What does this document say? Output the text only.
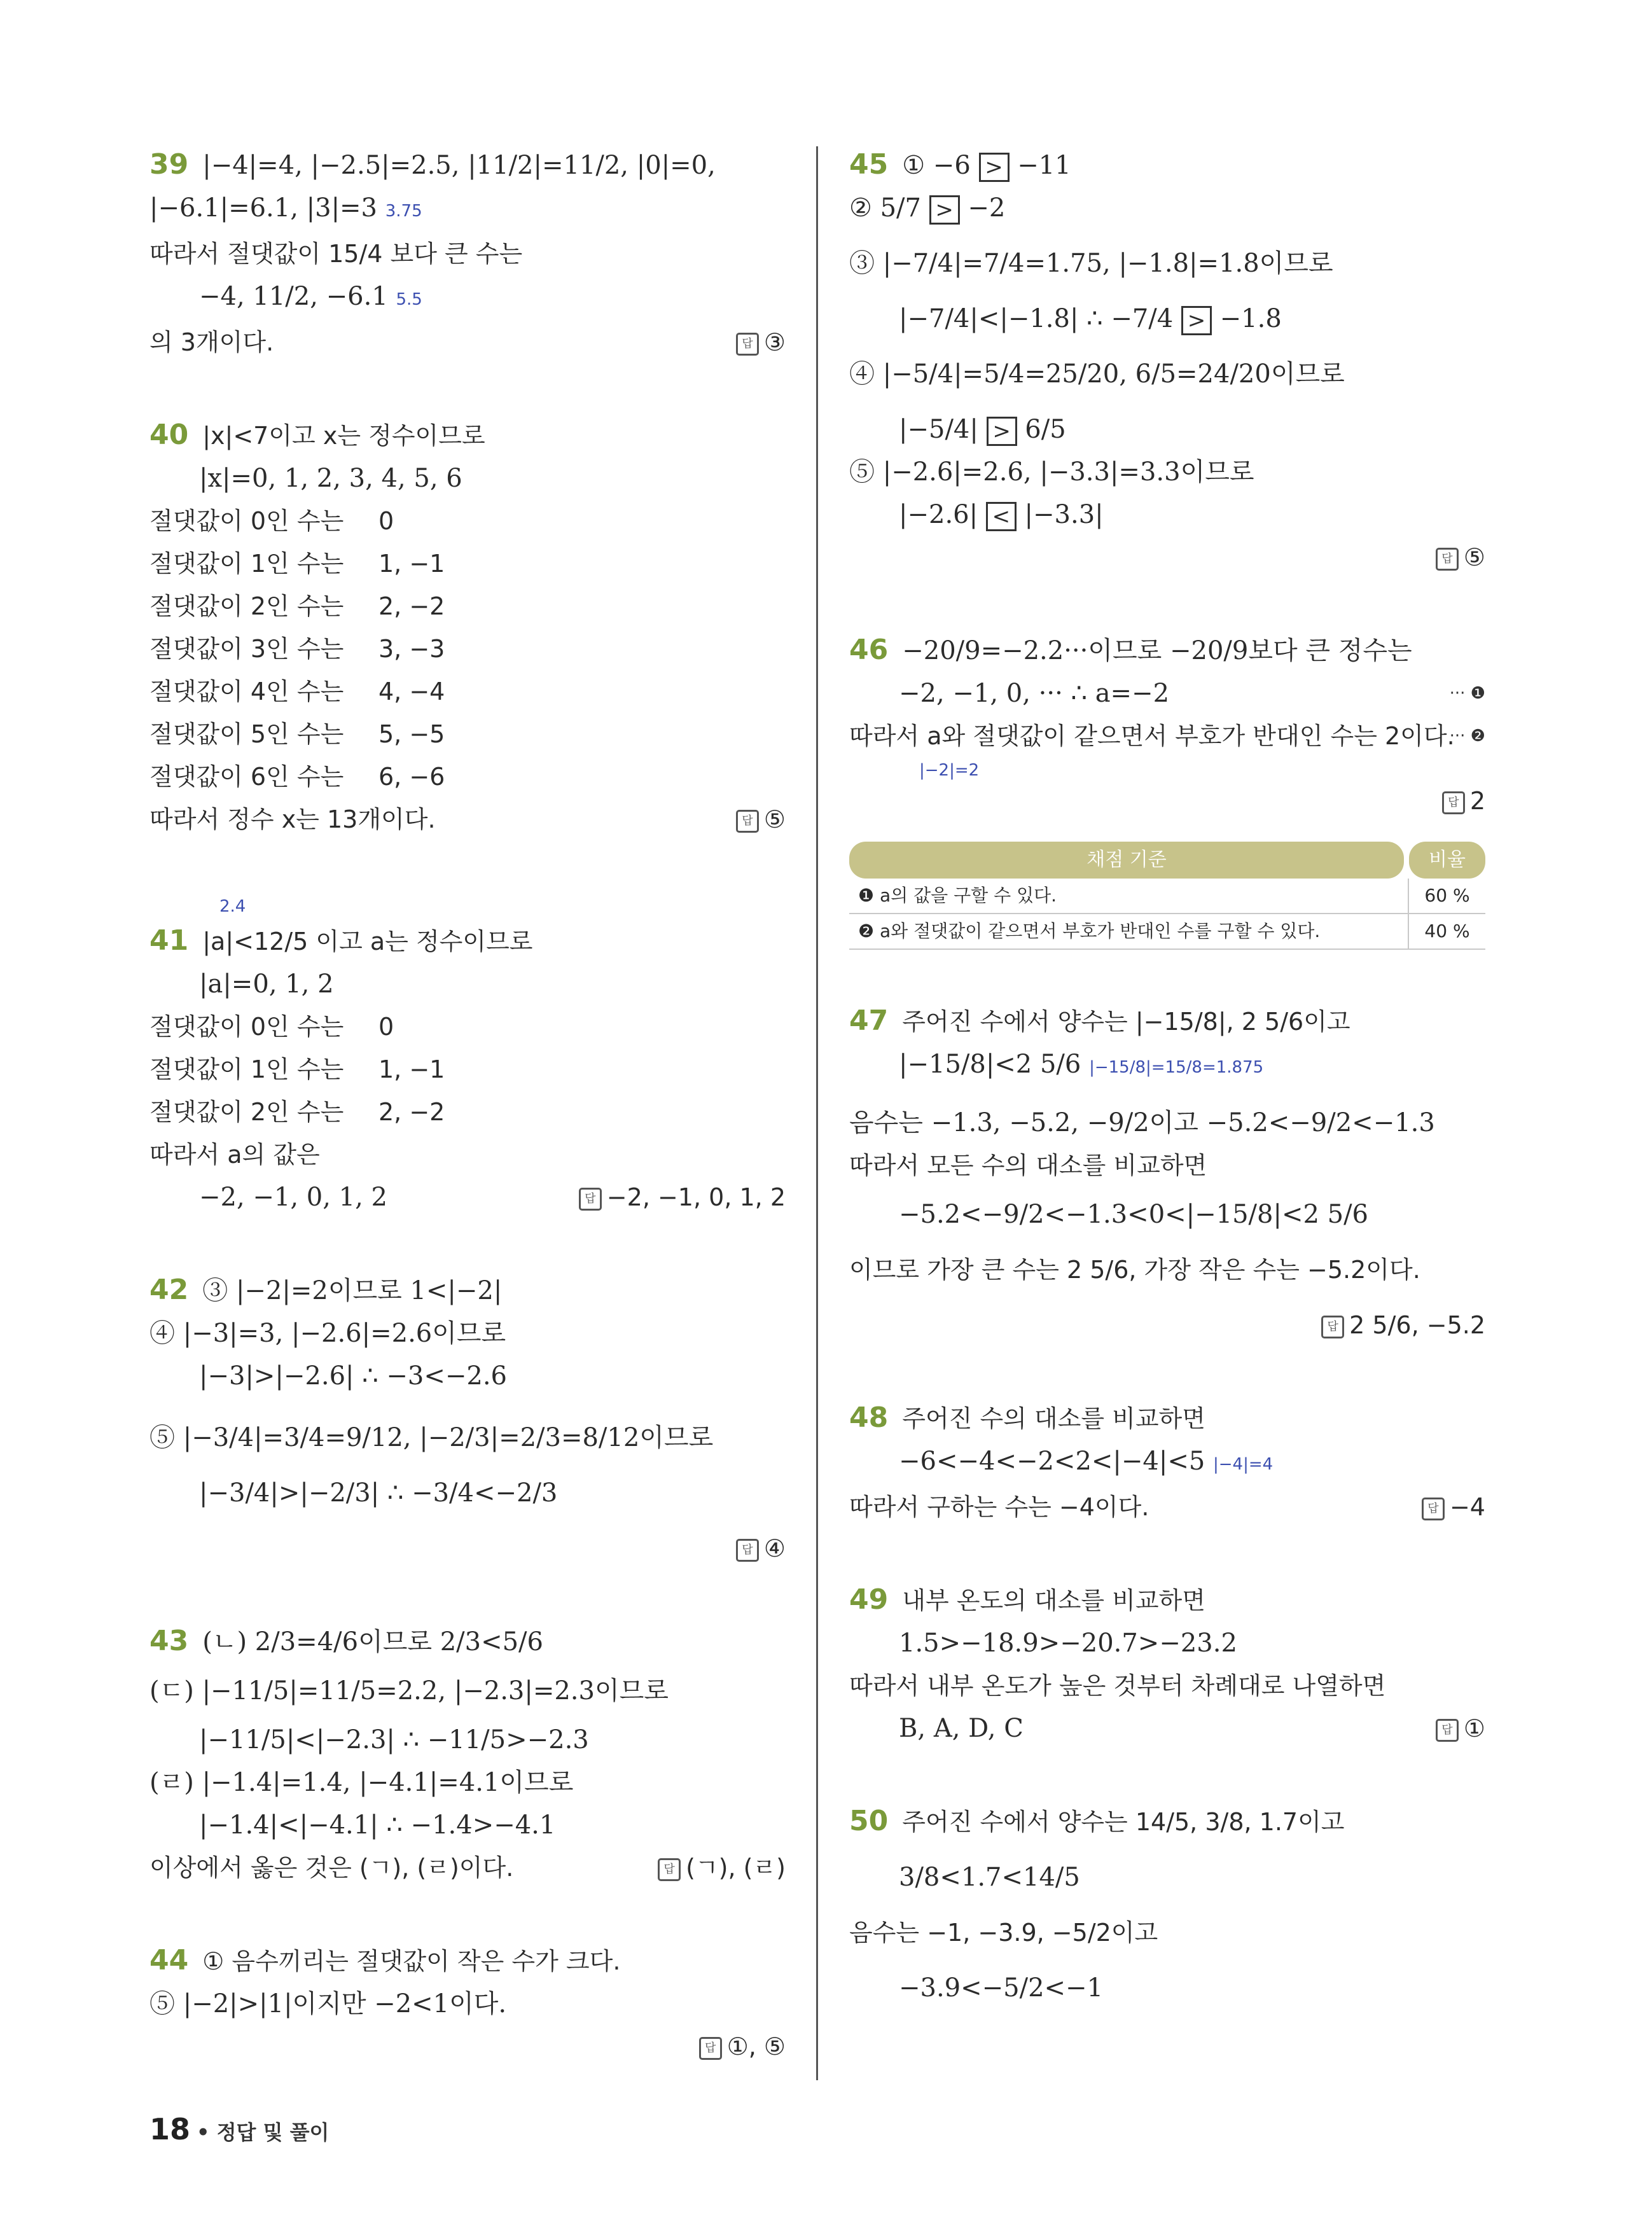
39 |−4|=4, |−2.5|=2.5, |11/2|=11/2, |0|=0,
|−6.1|=6.1, |3|=3 3.75
따라서 절댓값이 15/4 보다 큰 수는
−4, 11/2, −6.1 5.5
의 3개이다.	답 ③
40 |x|<7이고 x는 정수이므로
|x|=0, 1, 2, 3, 4, 5, 6
절댓값이 0인 수는 0
절댓값이 1인 수는 1, −1
절댓값이 2인 수는 2, −2
절댓값이 3인 수는 3, −3
절댓값이 4인 수는 4, −4
절댓값이 5인 수는 5, −5
절댓값이 6인 수는 6, −6
따라서 정수 x는 13개이다.	답 ⑤
2.4
41 |a|<12/5 이고 a는 정수이므로
|a|=0, 1, 2
절댓값이 0인 수는 0
절댓값이 1인 수는 1, −1
절댓값이 2인 수는 2, −2
따라서 a의 값은
−2, −1, 0, 1, 2	답 −2, −1, 0, 1, 2
42 ③ |−2|=2이므로 1<|−2|
④ |−3|=3, |−2.6|=2.6이므로
|−3|>|−2.6| ∴ −3<−2.6
⑤ |−3/4|=3/4=9/12, |−2/3|=2/3=8/12이므로
|−3/4|>|−2/3| ∴ −3/4<−2/3
답 ④
43 (ㄴ) 2/3=4/6이므로 2/3<5/6
(ㄷ) |−11/5|=11/5=2.2, |−2.3|=2.3이므로
|−11/5|<|−2.3| ∴ −11/5>−2.3
(ㄹ) |−1.4|=1.4, |−4.1|=4.1이므로
|−1.4|<|−4.1| ∴ −1.4>−4.1
이상에서 옳은 것은 (ㄱ), (ㄹ)이다.	답 (ㄱ), (ㄹ)
44 ① 음수끼리는 절댓값이 작은 수가 크다.
⑤ |−2|>|1|이지만 −2<1이다.
답 ①, ⑤
45 ① −6 > −11
② 5/7 > −2
③ |−7/4|=7/4=1.75, |−1.8|=1.8이므로
|−7/4|<|−1.8| ∴ −7/4 > −1.8
④ |−5/4|=5/4=25/20, 6/5=24/20이므로
|−5/4| > 6/5
⑤ |−2.6|=2.6, |−3.3|=3.3이므로
|−2.6| < |−3.3|
답 ⑤
46 −20/9=−2.2···이므로 −20/9보다 큰 정수는
−2, −1, 0, ··· ∴ a=−2	··· ❶
따라서 a와 절댓값이 같으면서 부호가 반대인 수는 2이다.
··· ❷
|−2|=2
답 2
채점 기준	비율
❶ a의 값을 구할 수 있다.	60 %
❷ a와 절댓값이 같으면서 부호가 반대인 수를 구할 수 있다.	40 %
47 주어진 수에서 양수는 |−15/8|, 2 5/6이고
|−15/8|<2 5/6 |−15/8|=15/8=1.875
음수는 −1.3, −5.2, −9/2이고 −5.2<−9/2<−1.3
따라서 모든 수의 대소를 비교하면
−5.2<−9/2<−1.3<0<|−15/8|<2 5/6
이므로 가장 큰 수는 2 5/6, 가장 작은 수는 −5.2이다.
답 2 5/6, −5.2
48 주어진 수의 대소를 비교하면
−6<−4<−2<2<|−4|<5 |−4|=4
따라서 구하는 수는 −4이다.	답 −4
49 내부 온도의 대소를 비교하면
1.5>−18.9>−20.7>−23.2
따라서 내부 온도가 높은 것부터 차례대로 나열하면
B, A, D, C	답 ①
50 주어진 수에서 양수는 14/5, 3/8, 1.7이고
3/8<1.7<14/5
음수는 −1, −3.9, −5/2이고
−3.9<−5/2<−1
18 • 정답 및 풀이
